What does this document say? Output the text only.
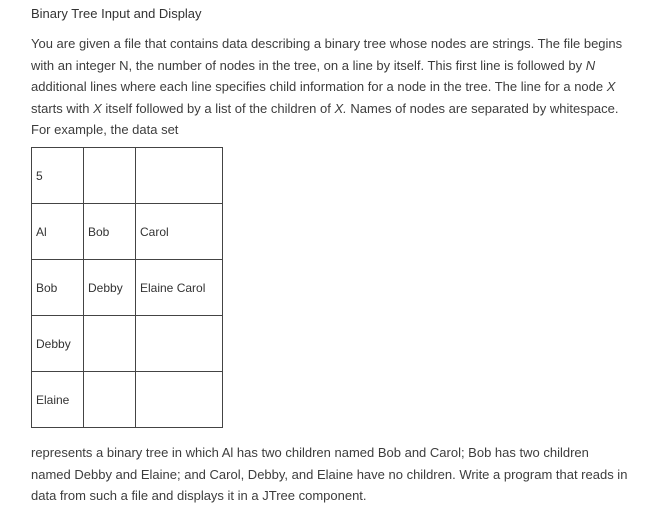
Binary Tree Input and Display
You are given a file that contains data describing a binary tree whose nodes are strings. The file begins with an integer N, the number of nodes in the tree, on a line by itself. This first line is followed by N additional lines where each line specifies child information for a node in the tree. The line for a node X starts with X itself followed by a list of the children of X. Names of nodes are separated by whitespace. For example, the data set
5		
Al	Bob	Carol
Bob	Debby	Elaine Carol
Debby		
Elaine		
represents a binary tree in which Al has two children named Bob and Carol; Bob has two children named Debby and Elaine; and Carol, Debby, and Elaine have no children. Write a program that reads in data from such a file and displays it in a JTree component.
